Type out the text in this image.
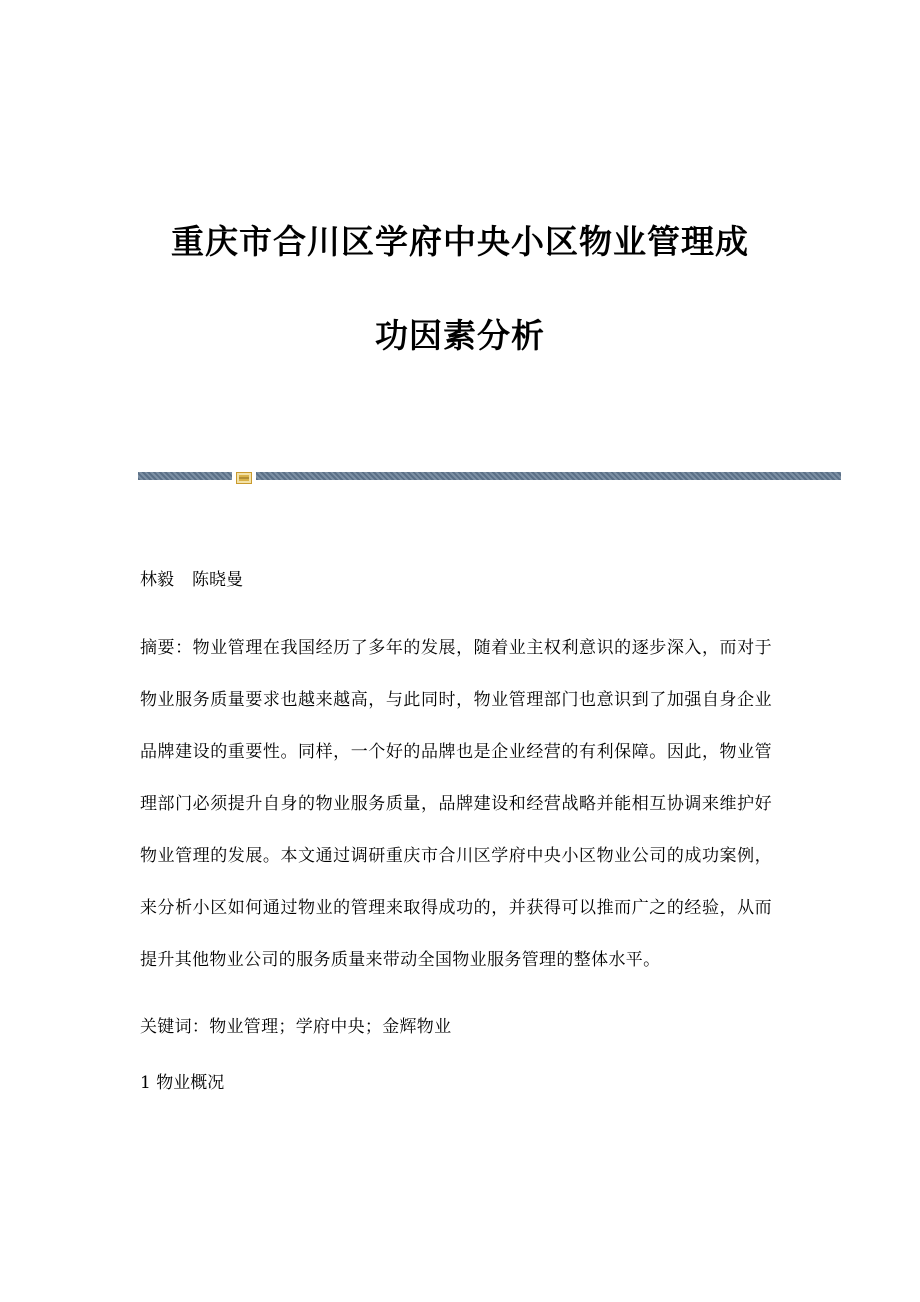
重庆市合川区学府中央小区物业管理成
功因素分析
林毅 陈晓曼
摘要：物业管理在我国经历了多年的发展，随着业主权利意识的逐步深入，而对于物业服务质量要求也越来越高，与此同时，物业管理部门也意识到了加强自身企业品牌建设的重要性。同样，一个好的品牌也是企业经营的有利保障。因此，物业管理部门必须提升自身的物业服务质量，品牌建设和经营战略并能相互协调来维护好物业管理的发展。本文通过调研重庆市合川区学府中央小区物业公司的成功案例，来分析小区如何通过物业的管理来取得成功的，并获得可以推而广之的经验，从而提升其他物业公司的服务质量来带动全国物业服务管理的整体水平。
关键词：物业管理；学府中央；金辉物业
1 物业概况
